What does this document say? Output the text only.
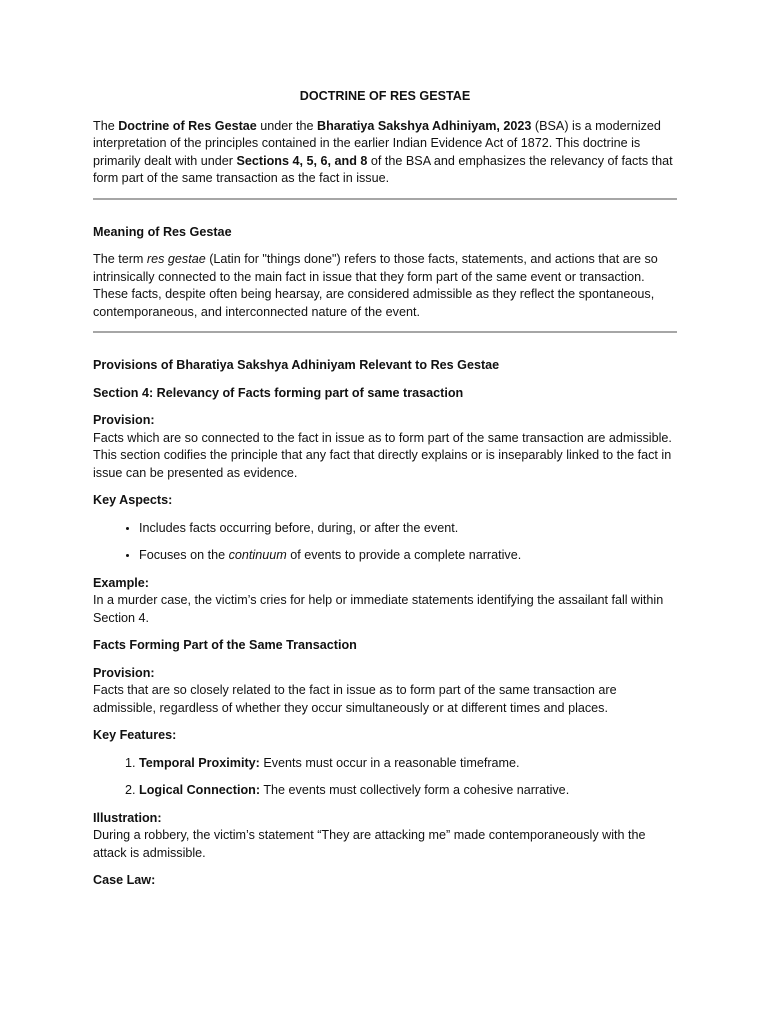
DOCTRINE OF RES GESTAE

The Doctrine of Res Gestae under the Bharatiya Sakshya Adhiniyam, 2023 (BSA) is a modernized interpretation of the principles contained in the earlier Indian Evidence Act of 1872. This doctrine is primarily dealt with under Sections 4, 5, 6, and 8 of the BSA and emphasizes the relevancy of facts that form part of the same transaction as the fact in issue.

Meaning of Res Gestae

The term res gestae (Latin for "things done") refers to those facts, statements, and actions that are so intrinsically connected to the main fact in issue that they form part of the same event or transaction. These facts, despite often being hearsay, are considered admissible as they reflect the spontaneous, contemporaneous, and interconnected nature of the event.

Provisions of Bharatiya Sakshya Adhiniyam Relevant to Res Gestae

Section 4: Relevancy of Facts forming part of same trasaction

Provision:
Facts which are so connected to the fact in issue as to form part of the same transaction are admissible. This section codifies the principle that any fact that directly explains or is inseparably linked to the fact in issue can be presented as evidence.

Key Aspects:

• Includes facts occurring before, during, or after the event.
• Focuses on the continuum of events to provide a complete narrative.

Example:
In a murder case, the victim’s cries for help or immediate statements identifying the assailant fall within Section 4.

Facts Forming Part of the Same Transaction

Provision:
Facts that are so closely related to the fact in issue as to form part of the same transaction are admissible, regardless of whether they occur simultaneously or at different times and places.

Key Features:

1. Temporal Proximity: Events must occur in a reasonable timeframe.
2. Logical Connection: The events must collectively form a cohesive narrative.

Illustration:
During a robbery, the victim’s statement “They are attacking me” made contemporaneously with the attack is admissible.

Case Law:
